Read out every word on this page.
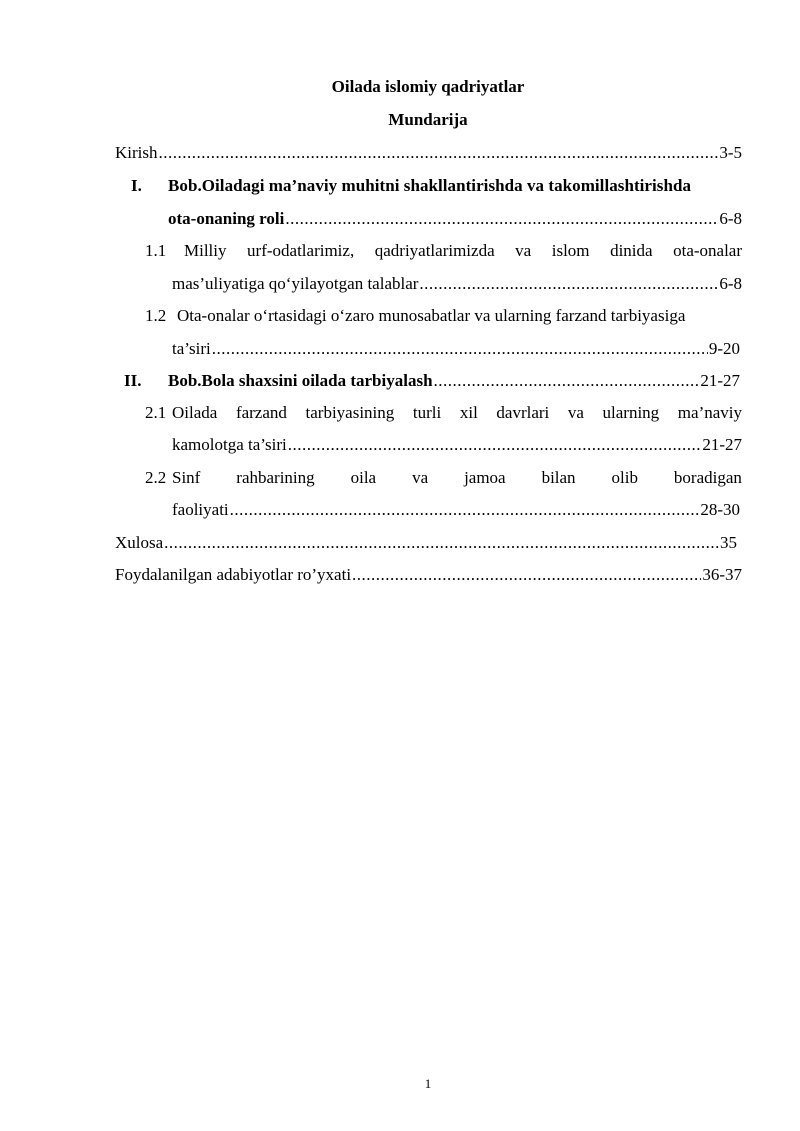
Oilada islomiy qadriyatlar
Mundarija
Kirish .....	3-5
I. Bob.Oiladagi ma’naviy muhitni shakllantirishda va takomillashtirishda
ota-onaning roli .....	6-8
1.1 Milliy urf-odatlarimiz, qadriyatlarimizda va islom dinida ota-onalar
mas’uliyatiga qo‘yilayotgan talablar .....	6-8
1.2 Ota-onalar o‘rtasidagi o‘zaro munosabatlar va ularning farzand tarbiyasiga
ta’siri .....	9-20
II. Bob.Bola shaxsini oilada tarbiyalash .....	21-27
2.1 Oilada farzand tarbiyasining turli xil davrlari va ularning ma’naviy
kamolotga ta’siri .....	21-27
2.2 Sinf rahbarining oila va jamoa bilan olib boradigan
faoliyati .....	28-30
Xulosa .....	35
Foydalanilgan adabiyotlar ro’yxati .....	36-37
1
